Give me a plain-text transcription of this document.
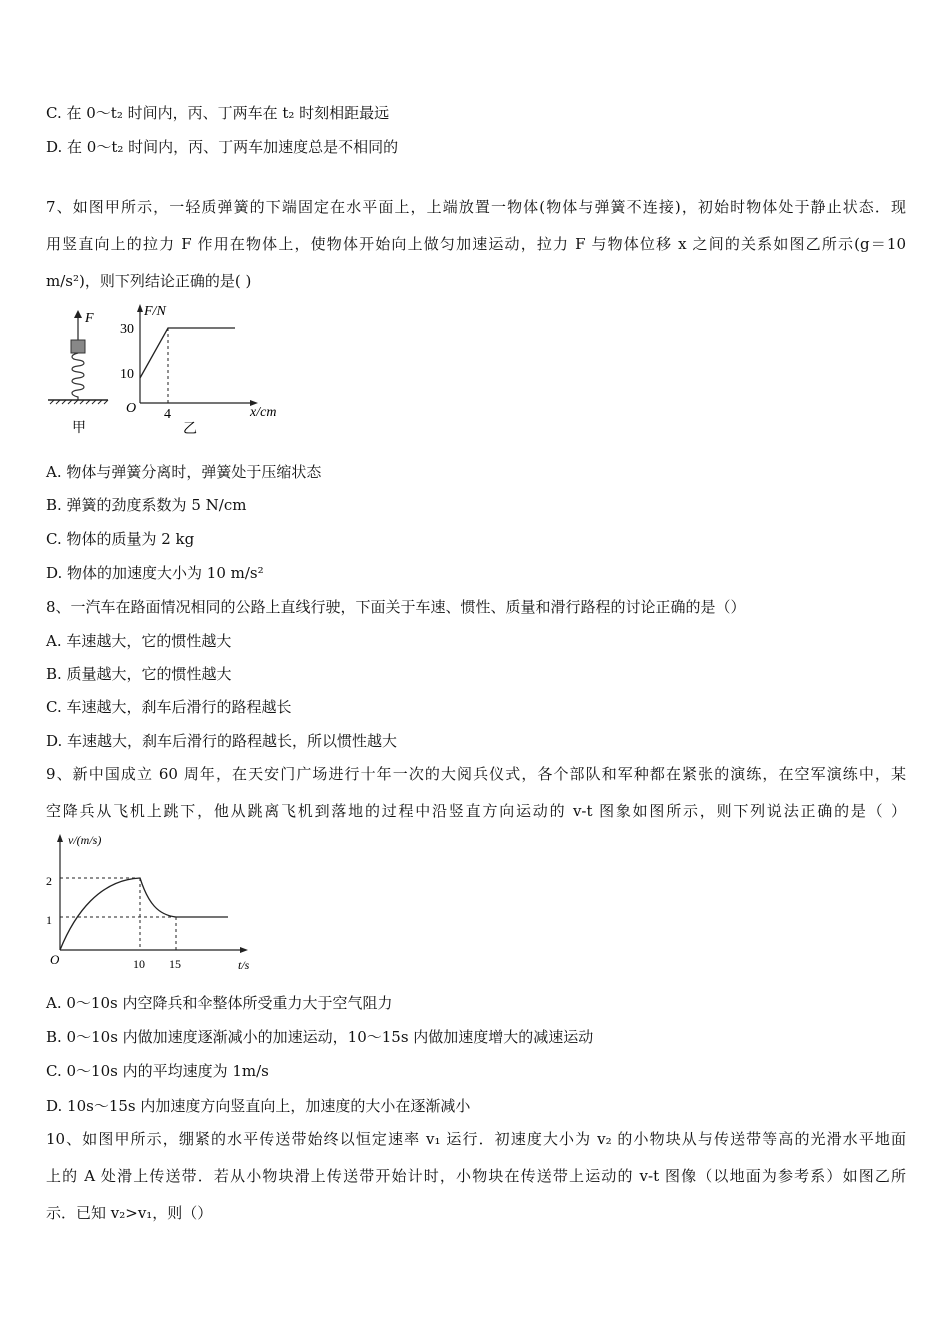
C. 在 0～t₂ 时间内，丙、丁两车在 t₂ 时刻相距最远
D. 在 0～t₂ 时间内，丙、丁两车加速度总是不相同的
7、如图甲所示，一轻质弹簧的下端固定在水平面上，上端放置一物体(物体与弹簧不连接)，初始时物体处于静止状态．现
用竖直向上的拉力 F 作用在物体上，使物体开始向上做匀加速运动，拉力 F 与物体位移 x 之间的关系如图乙所示(g＝10
m/s²)，则下列结论正确的是( )
F
甲
F/N
x/cm
O
30
10
4
乙
A. 物体与弹簧分离时，弹簧处于压缩状态
B. 弹簧的劲度系数为 5 N/cm
C. 物体的质量为 2 kg
D. 物体的加速度大小为 10 m/s²
8、一汽车在路面情况相同的公路上直线行驶，下面关于车速、惯性、质量和滑行路程的讨论正确的是（）
A. 车速越大，它的惯性越大
B. 质量越大，它的惯性越大
C. 车速越大，刹车后滑行的路程越长
D. 车速越大，刹车后滑行的路程越长，所以惯性越大
9、新中国成立 60 周年，在天安门广场进行十年一次的大阅兵仪式，各个部队和军种都在紧张的演练，在空军演练中，某
空降兵从飞机上跳下，他从跳离飞机到落地的过程中沿竖直方向运动的 v-t 图象如图所示，则下列说法正确的是（ ）
v/(m/s)
t/s
O
2
1
10 15
A. 0～10s 内空降兵和伞整体所受重力大于空气阻力
B. 0～10s 内做加速度逐渐减小的加速运动，10～15s 内做加速度增大的减速运动
C. 0～10s 内的平均速度为 1m/s
D. 10s～15s 内加速度方向竖直向上，加速度的大小在逐渐减小
10、如图甲所示，绷紧的水平传送带始终以恒定速率 v₁ 运行．初速度大小为 v₂ 的小物块从与传送带等高的光滑水平地面
上的 A 处滑上传送带．若从小物块滑上传送带开始计时，小物块在传送带上运动的 v-t 图像（以地面为参考系）如图乙所
示．已知 v₂>v₁，则（）
